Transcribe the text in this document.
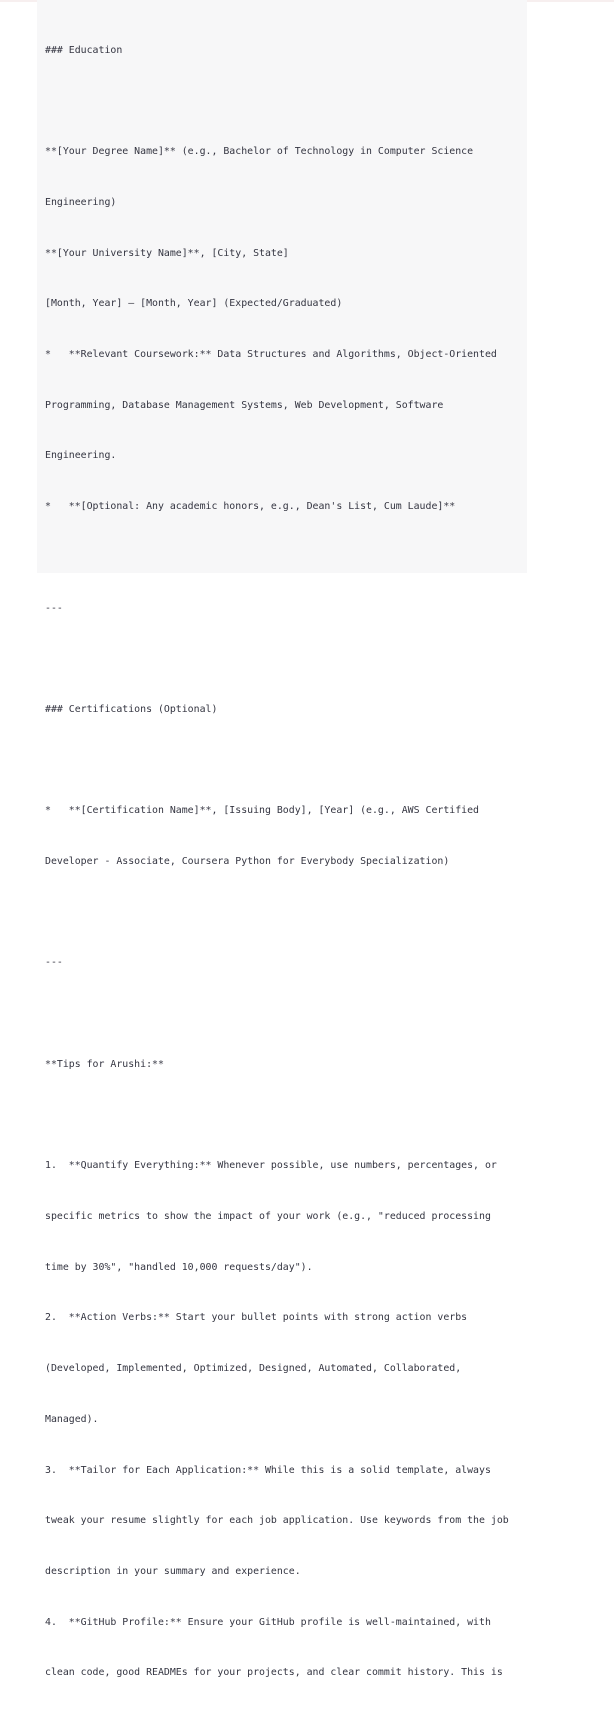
### Education

**[Your Degree Name]** (e.g., Bachelor of Technology in Computer Science

Engineering)

**[Your University Name]**, [City, State]

[Month, Year] – [Month, Year] (Expected/Graduated)

*   **Relevant Coursework:** Data Structures and Algorithms, Object-Oriented

Programming, Database Management Systems, Web Development, Software

Engineering.

*   **[Optional: Any academic honors, e.g., Dean's List, Cum Laude]**

---

### Certifications (Optional)

*   **[Certification Name]**, [Issuing Body], [Year] (e.g., AWS Certified

Developer - Associate, Coursera Python for Everybody Specialization)

---

**Tips for Arushi:**

1.  **Quantify Everything:** Whenever possible, use numbers, percentages, or

specific metrics to show the impact of your work (e.g., "reduced processing

time by 30%", "handled 10,000 requests/day").

2.  **Action Verbs:** Start your bullet points with strong action verbs

(Developed, Implemented, Optimized, Designed, Automated, Collaborated,

Managed).

3.  **Tailor for Each Application:** While this is a solid template, always

tweak your resume slightly for each job application. Use keywords from the job

description in your summary and experience.

4.  **GitHub Profile:** Ensure your GitHub profile is well-maintained, with

clean code, good READMEs for your projects, and clear commit history. This is
